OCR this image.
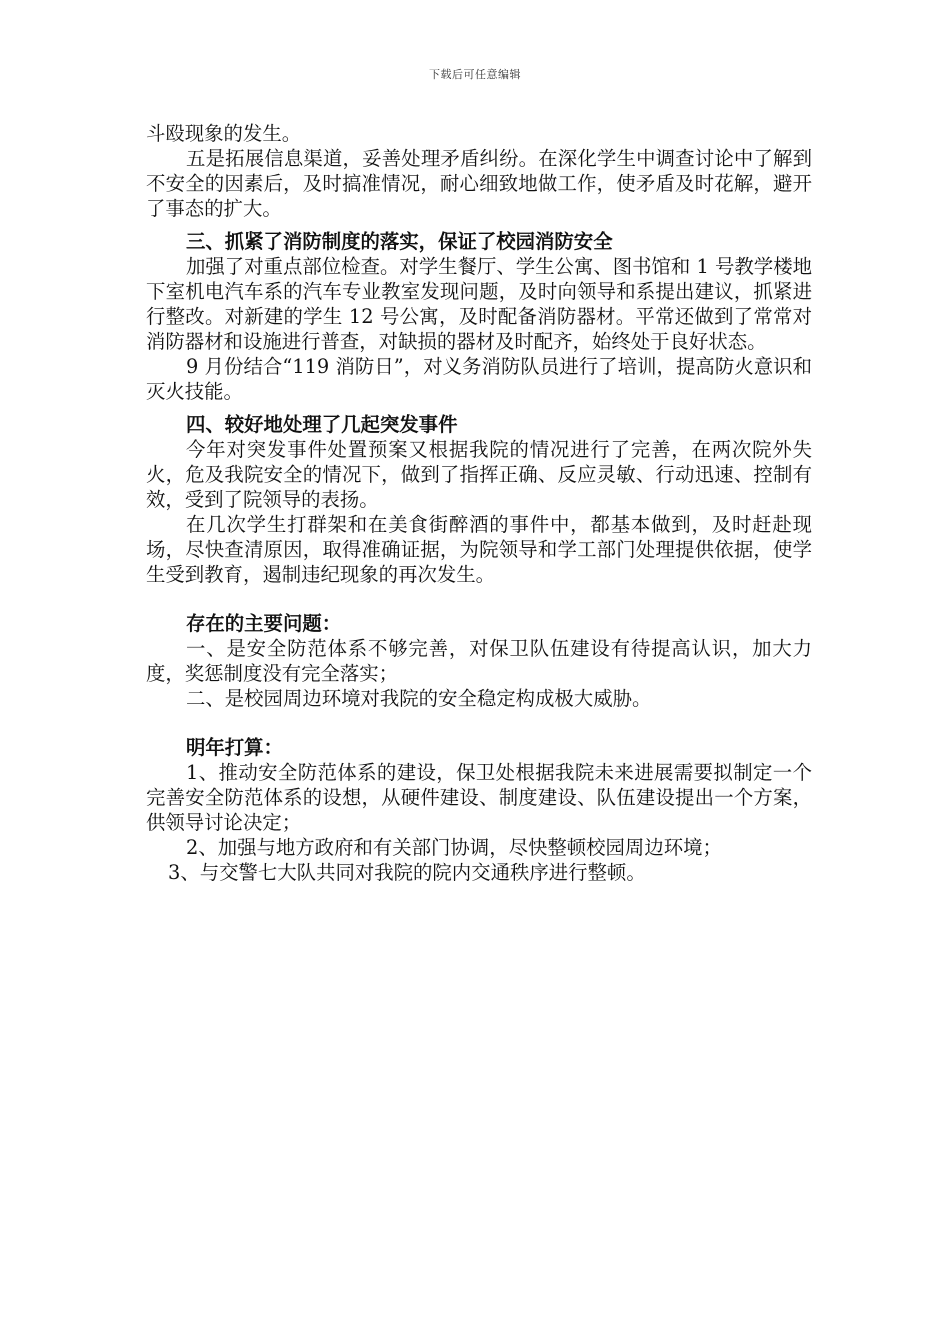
下载后可任意编辑

斗殴现象的发生。

五是拓展信息渠道，妥善处理矛盾纠纷。在深化学生中调查讨论中了解到不安全的因素后，及时搞准情况，耐心细致地做工作，使矛盾及时花解，避开了事态的扩大。

三、抓紧了消防制度的落实，保证了校园消防安全

加强了对重点部位检查。对学生餐厅、学生公寓、图书馆和 1 号教学楼地下室机电汽车系的汽车专业教室发现问题，及时向领导和系提出建议，抓紧进行整改。对新建的学生 12 号公寓，及时配备消防器材。平常还做到了常常对消防器材和设施进行普查，对缺损的器材及时配齐，始终处于良好状态。

9 月份结合“119 消防日”，对义务消防队员进行了培训，提高防火意识和灭火技能。

四、较好地处理了几起突发事件

今年对突发事件处置预案又根据我院的情况进行了完善，在两次院外失火，危及我院安全的情况下，做到了指挥正确、反应灵敏、行动迅速、控制有效，受到了院领导的表扬。

在几次学生打群架和在美食街醉酒的事件中，都基本做到，及时赶赴现场，尽快查清原因，取得准确证据，为院领导和学工部门处理提供依据，使学生受到教育，遏制违纪现象的再次发生。

存在的主要问题：

一、是安全防范体系不够完善，对保卫队伍建设有待提高认识，加大力度，奖惩制度没有完全落实；

二、是校园周边环境对我院的安全稳定构成极大威胁。

明年打算：

1、推动安全防范体系的建设，保卫处根据我院未来进展需要拟制定一个完善安全防范体系的设想，从硬件建设、制度建设、队伍建设提出一个方案，供领导讨论决定；

2、加强与地方政府和有关部门协调，尽快整顿校园周边环境；

3、与交警七大队共同对我院的院内交通秩序进行整顿。
